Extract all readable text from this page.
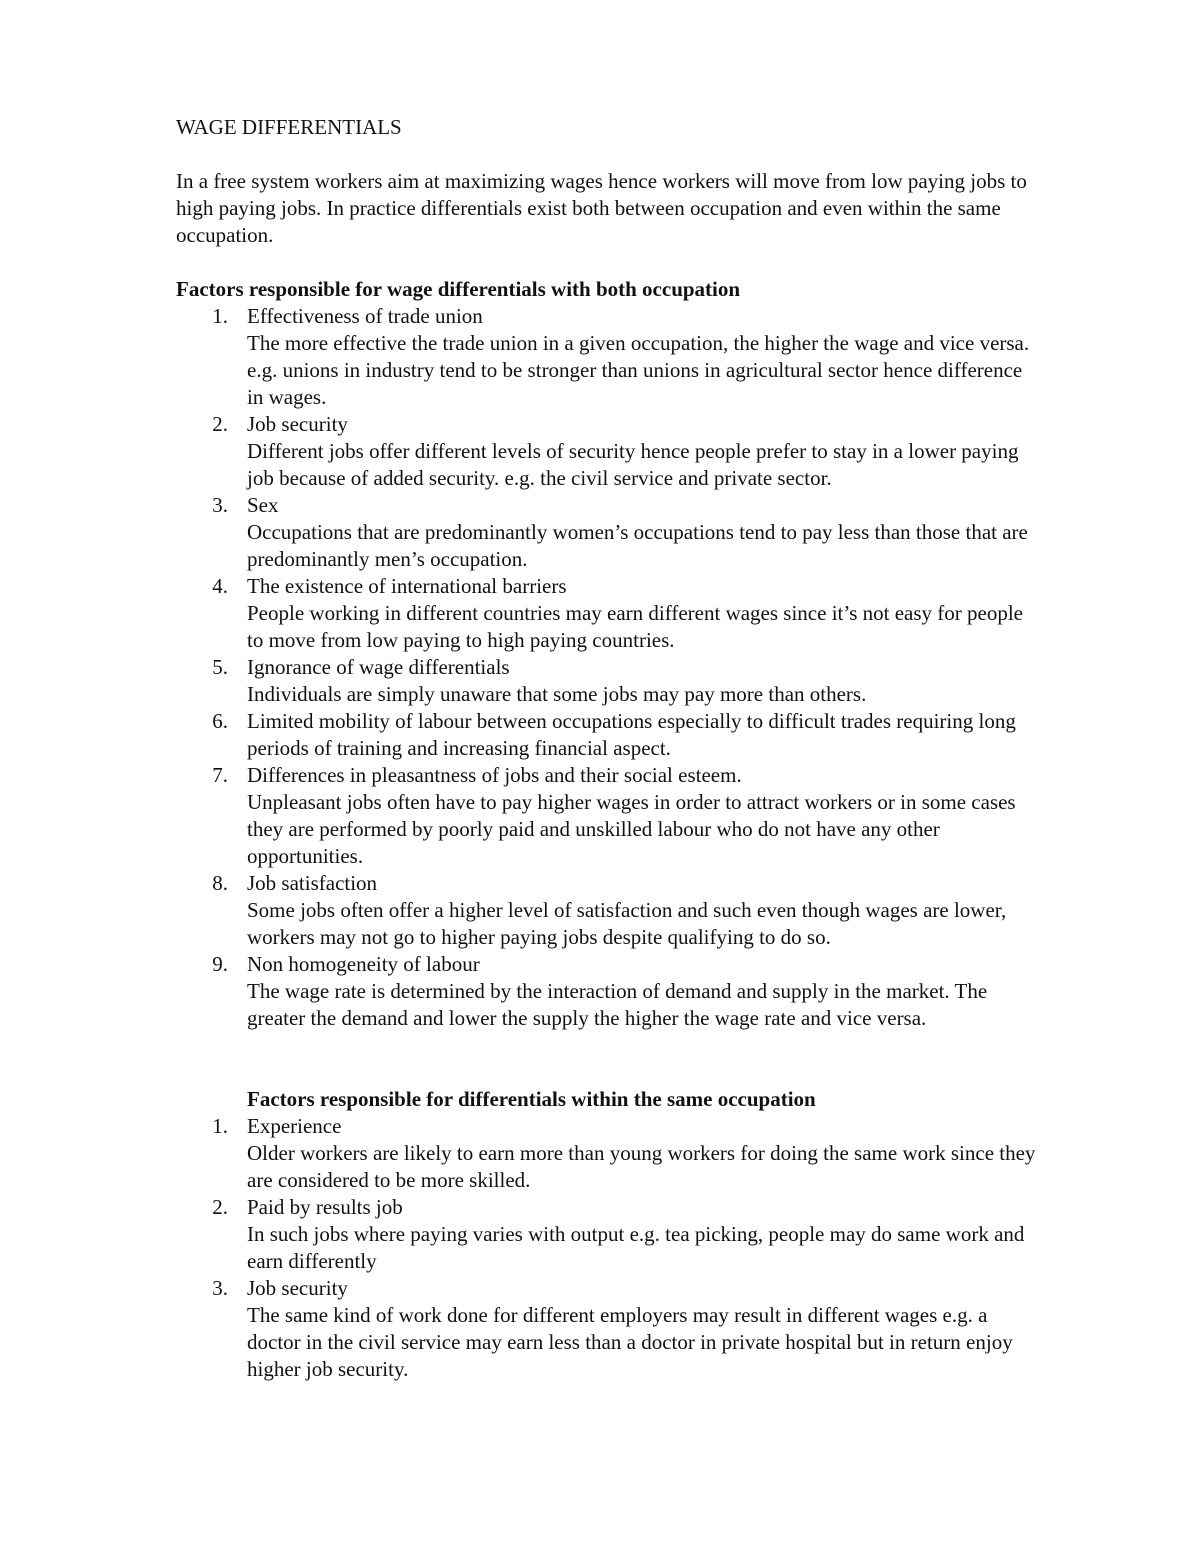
WAGE DIFFERENTIALS

In a free system workers aim at maximizing wages hence workers will move from low paying jobs to high paying jobs. In practice differentials exist both between occupation and even within the same occupation.

Factors responsible for wage differentials with both occupation
1. Effectiveness of trade union
The more effective the trade union in a given occupation, the higher the wage and vice versa. e.g. unions in industry tend to be stronger than unions in agricultural sector hence difference in wages.
2. Job security
Different jobs offer different levels of security hence people prefer to stay in a lower paying job because of added security. e.g. the civil service and private sector.
3. Sex
Occupations that are predominantly women’s occupations tend to pay less than those that are predominantly men’s occupation.
4. The existence of international barriers
People working in different countries may earn different wages since it’s not easy for people to move from low paying to high paying countries.
5. Ignorance of wage differentials
Individuals are simply unaware that some jobs may pay more than others.
6. Limited mobility of labour between occupations especially to difficult trades requiring long periods of training and increasing financial aspect.
7. Differences in pleasantness of jobs and their social esteem.
Unpleasant jobs often have to pay higher wages in order to attract workers or in some cases they are performed by poorly paid and unskilled labour who do not have any other opportunities.
8. Job satisfaction
Some jobs often offer a higher level of satisfaction and such even though wages are lower, workers may not go to higher paying jobs despite qualifying to do so.
9. Non homogeneity of labour
The wage rate is determined by the interaction of demand and supply in the market. The greater the demand and lower the supply the higher the wage rate and vice versa.
Factors responsible for differentials within the same occupation
1. Experience
Older workers are likely to earn more than young workers for doing the same work since they are considered to be more skilled.
2. Paid by results job
In such jobs where paying varies with output e.g. tea picking, people may do same work and earn differently
3. Job security
The same kind of work done for different employers may result in different wages e.g. a doctor in the civil service may earn less than a doctor in private hospital but in return enjoy higher job security.
